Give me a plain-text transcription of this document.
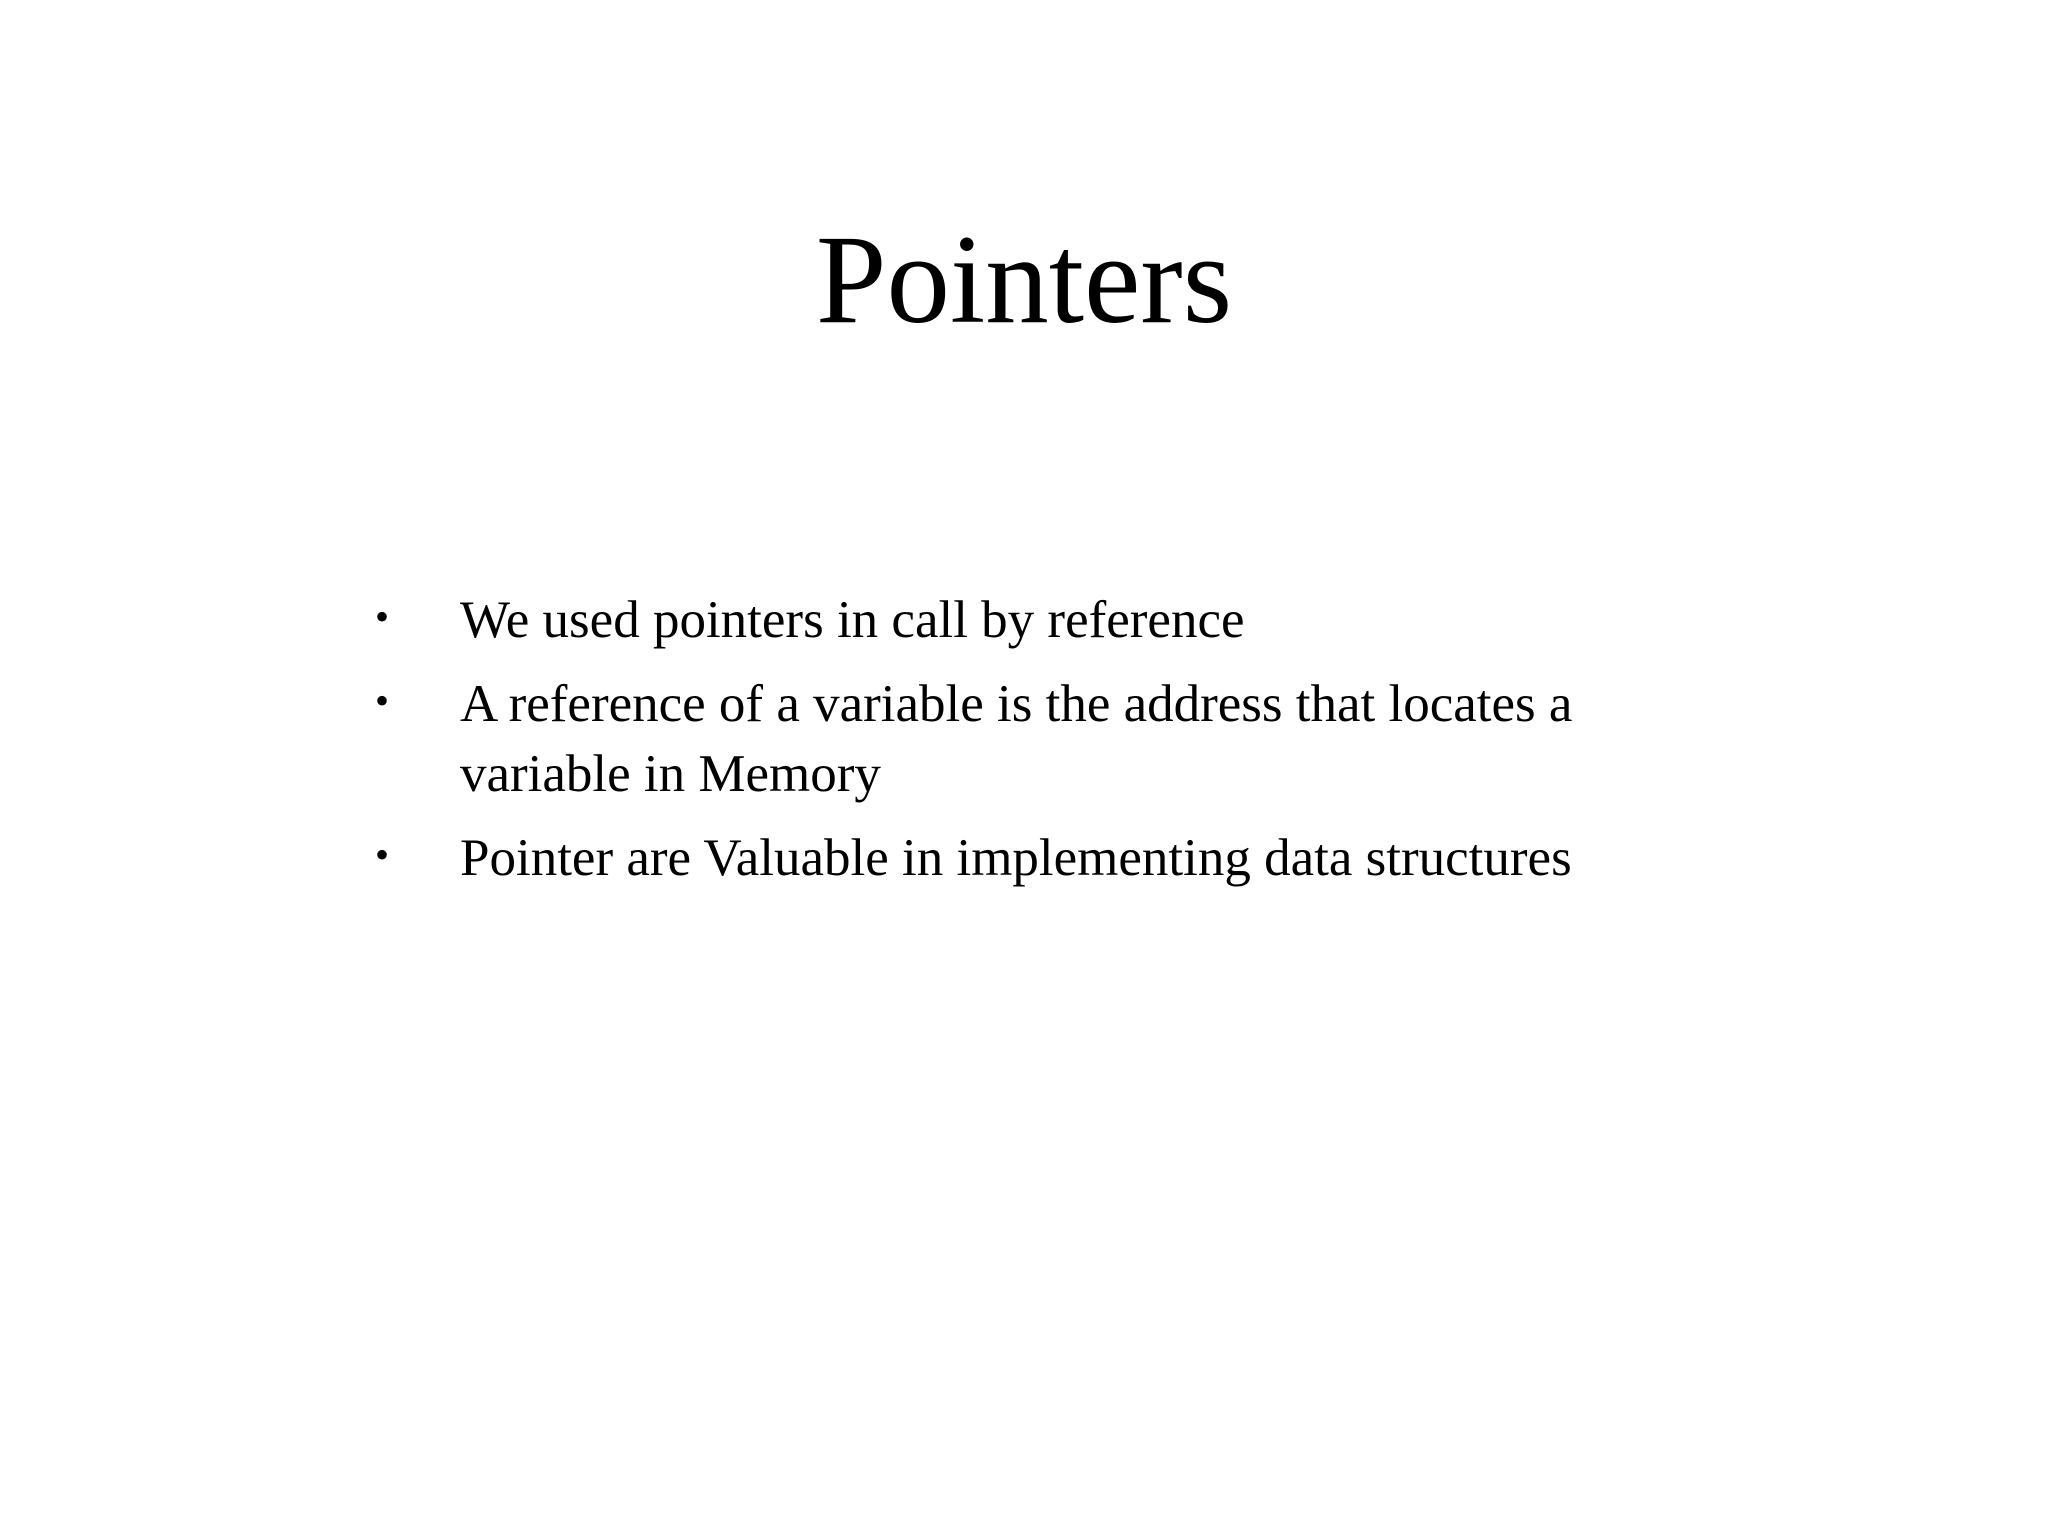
Pointers
•	We used pointers in call by reference
•	A reference of a variable is the address that locates a variable in Memory
•	Pointer are Valuable in implementing data structures
